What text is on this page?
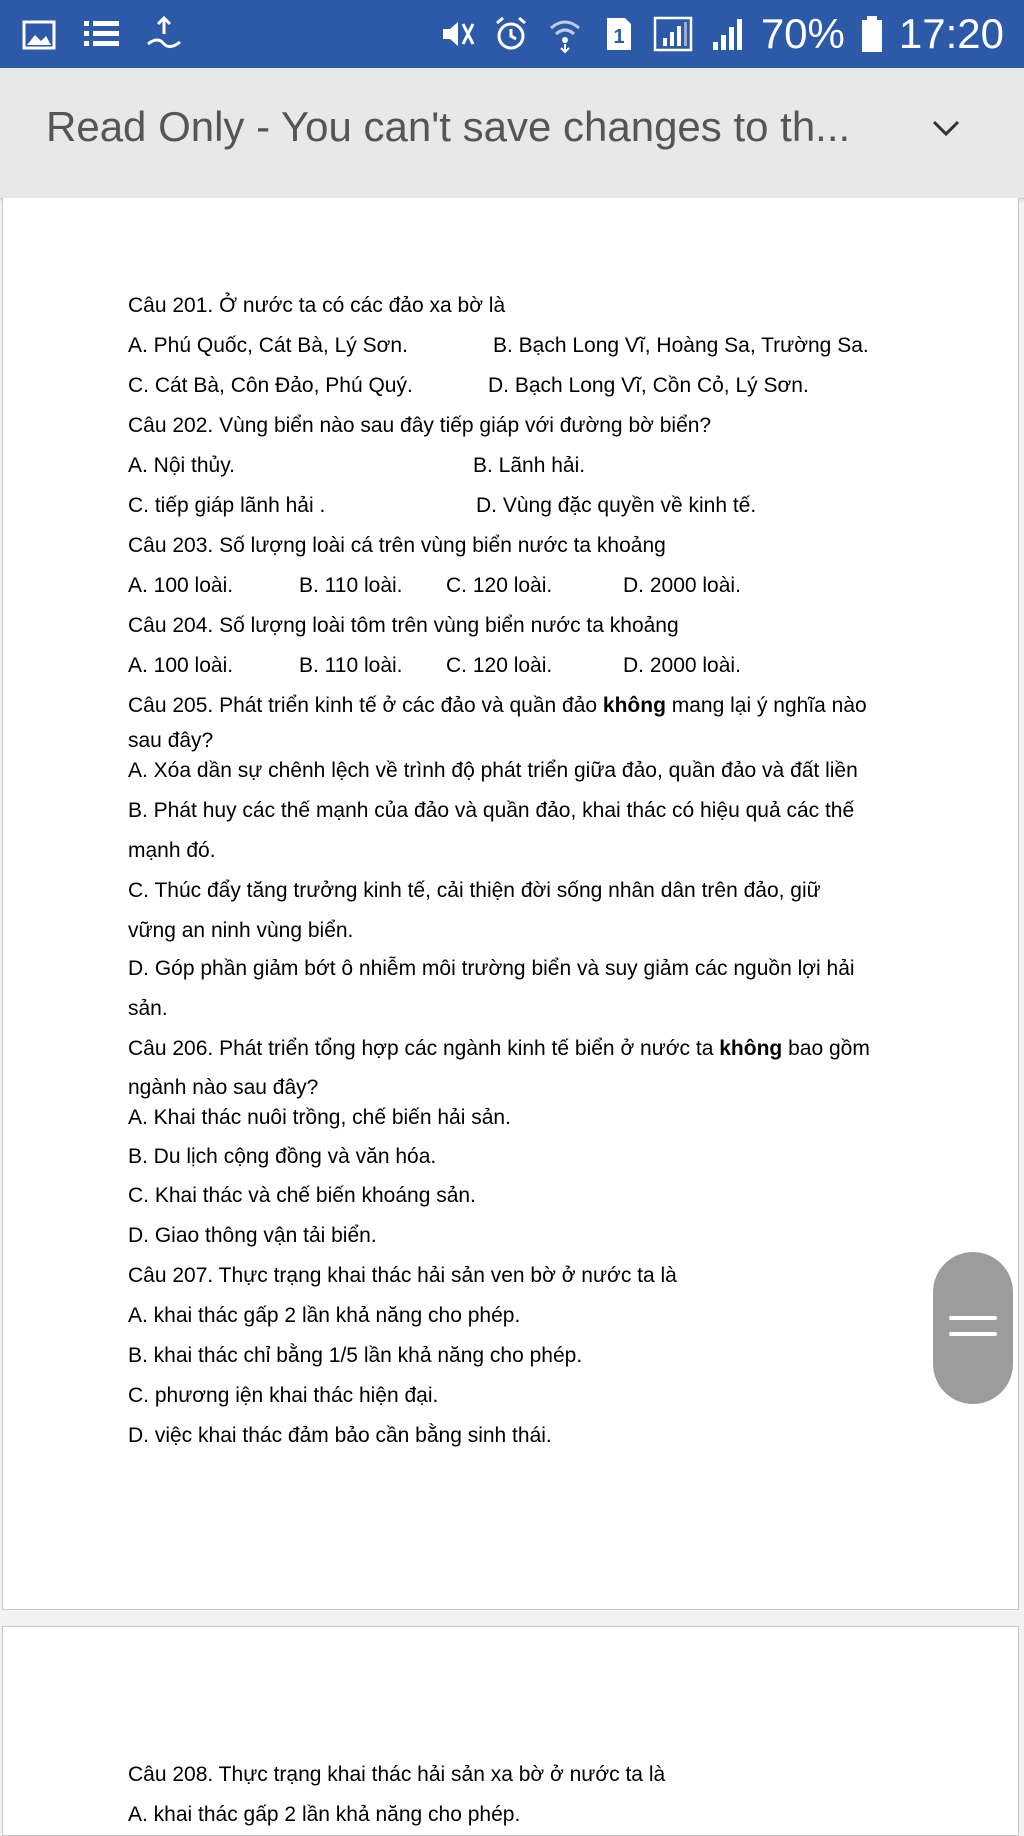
1	70% 17:20
Read Only - You can't save changes to th...
Câu 201. Ở nước ta có các đảo xa bờ là
A. Phú Quốc, Cát Bà, Lý Sơn.	B. Bạch Long Vĩ, Hoàng Sa, Trường Sa.
C. Cát Bà, Côn Đảo, Phú Quý.	D. Bạch Long Vĩ, Cồn Cỏ, Lý Sơn.
Câu 202. Vùng biển nào sau đây tiếp giáp với đường bờ biển?
A. Nội thủy.	B. Lãnh hải.
C. tiếp giáp lãnh hải .	D. Vùng đặc quyền về kinh tế.
Câu 203. Số lượng loài cá trên vùng biển nước ta khoảng
A. 100 loài.	B. 110 loài. C. 120 loài.	D. 2000 loài.
Câu 204. Số lượng loài tôm trên vùng biển nước ta khoảng
A. 100 loài.	B. 110 loài. C. 120 loài.	D. 2000 loài.
Câu 205. Phát triển kinh tế ở các đảo và quần đảo không mang lại ý nghĩa nào
sau đây?
A. Xóa dần sự chênh lệch về trình độ phát triển giữa đảo, quần đảo và đất liền
B. Phát huy các thế mạnh của đảo và quần đảo, khai thác có hiệu quả các thế
mạnh đó.
C. Thúc đẩy tăng trưởng kinh tế, cải thiện đời sống nhân dân trên đảo, giữ
vững an ninh vùng biển.
D. Góp phần giảm bớt ô nhiễm môi trường biển và suy giảm các nguồn lợi hải
sản.
Câu 206. Phát triển tổng hợp các ngành kinh tế biển ở nước ta không bao gồm
ngành nào sau đây?
A. Khai thác nuôi trồng, chế biến hải sản.
B. Du lịch cộng đồng và văn hóa.
C. Khai thác và chế biến khoáng sản.
D. Giao thông vận tải biển.
Câu 207. Thực trạng khai thác hải sản ven bờ ở nước ta là
A. khai thác gấp 2 lần khả năng cho phép.
B. khai thác chỉ bằng 1/5 lần khả năng cho phép.
C. phương iện khai thác hiện đại.
D. việc khai thác đảm bảo cần bằng sinh thái.
Câu 208. Thực trạng khai thác hải sản xa bờ ở nước ta là
A. khai thác gấp 2 lần khả năng cho phép.
